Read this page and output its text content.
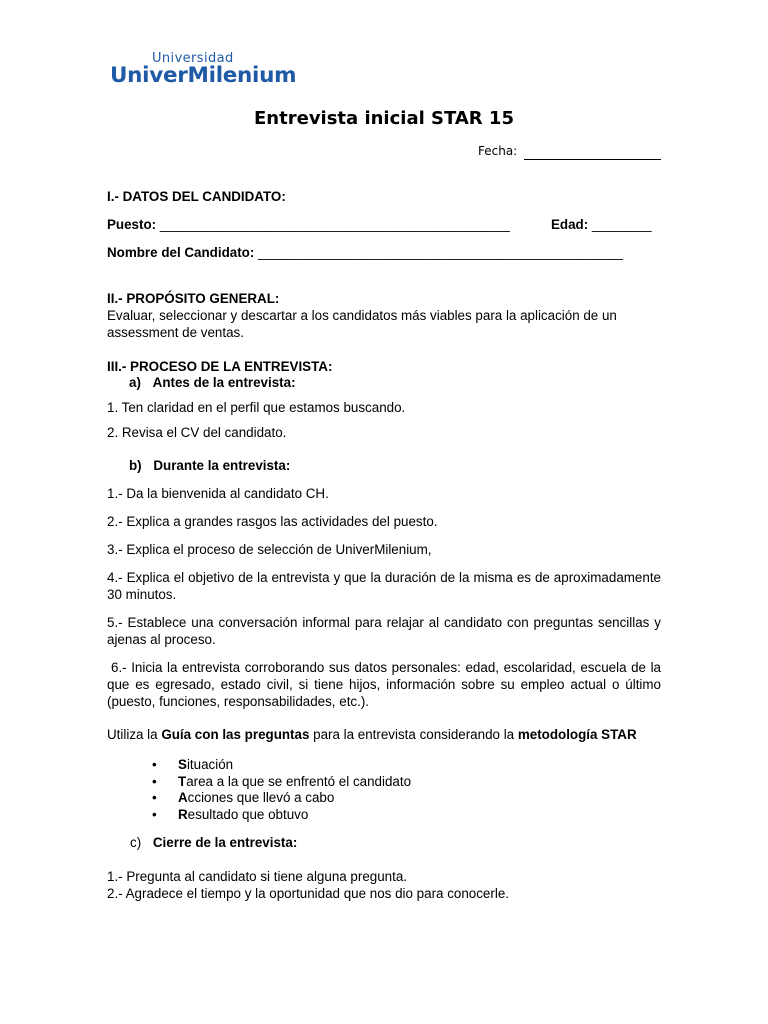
Universidad
UniverMilenium
Entrevista inicial STAR 15
Fecha:
I.- DATOS DEL CANDIDATO:
Puesto: _______________________________________________	Edad: ________
Nombre del Candidato: _________________________________________________
II.- PROPÓSITO GENERAL:
Evaluar, seleccionar y descartar a los candidatos más viables para la aplicación de un assessment de ventas.
III.- PROCESO DE LA ENTREVISTA:
a) Antes de la entrevista:
1. Ten claridad en el perfil que estamos buscando.
2. Revisa el CV del candidato.
b) Durante la entrevista:
1.- Da la bienvenida al candidato CH.
2.- Explica a grandes rasgos las actividades del puesto.
3.- Explica el proceso de selección de UniverMilenium,
4.- Explica el objetivo de la entrevista y que la duración de la misma es de aproximadamente 30 minutos.
5.- Establece una conversación informal para relajar al candidato con preguntas sencillas y ajenas al proceso.
6.- Inicia la entrevista corroborando sus datos personales: edad, escolaridad, escuela de la que es egresado, estado civil, si tiene hijos, información sobre su empleo actual o último (puesto, funciones, responsabilidades, etc.).
Utiliza la Guía con las preguntas para la entrevista considerando la metodología STAR
• Situación
• Tarea a la que se enfrentó el candidato
• Acciones que llevó a cabo
• Resultado que obtuvo
c) Cierre de la entrevista:
1.- Pregunta al candidato si tiene alguna pregunta.
2.- Agradece el tiempo y la oportunidad que nos dio para conocerle.
